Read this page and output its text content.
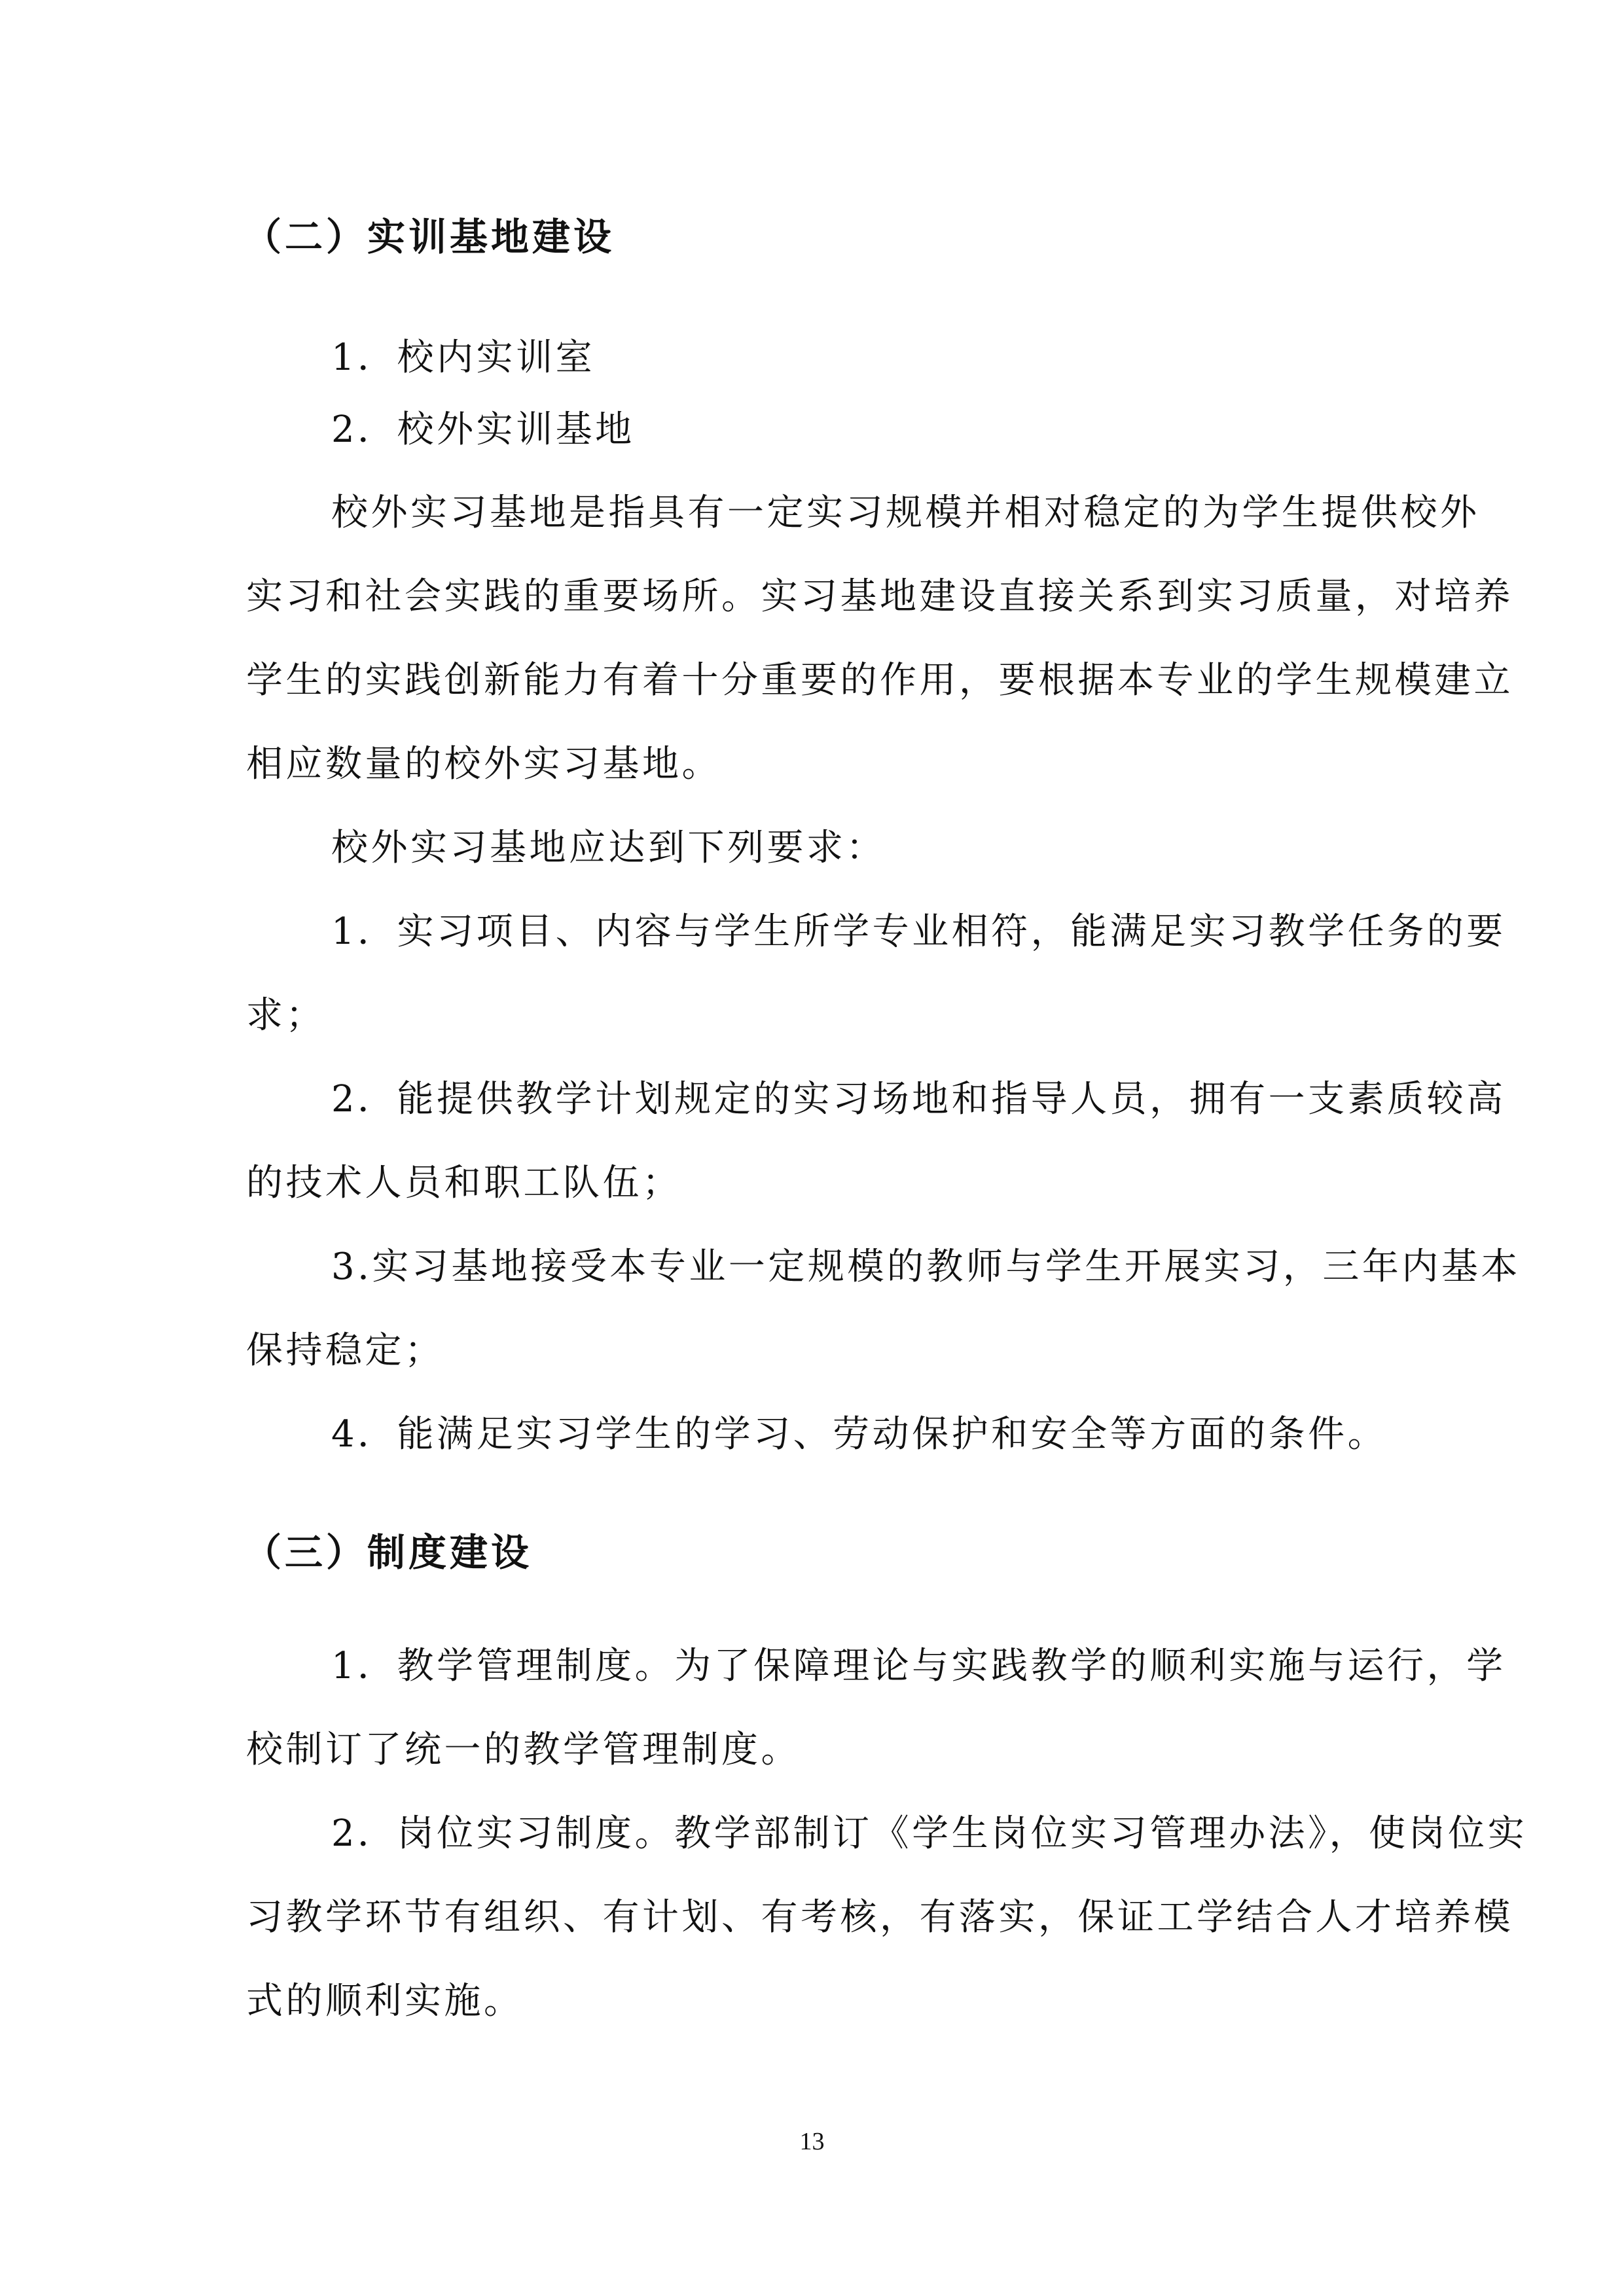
（二）实训基地建设
1．校内实训室
2．校外实训基地
校外实习基地是指具有一定实习规模并相对稳定的为学生提供校外
实习和社会实践的重要场所。实习基地建设直接关系到实习质量，对培养
学生的实践创新能力有着十分重要的作用，要根据本专业的学生规模建立
相应数量的校外实习基地。
校外实习基地应达到下列要求：
1．实习项目、内容与学生所学专业相符，能满足实习教学任务的要
求；
2．能提供教学计划规定的实习场地和指导人员，拥有一支素质较高
的技术人员和职工队伍；
3.实习基地接受本专业一定规模的教师与学生开展实习，三年内基本
保持稳定；
4．能满足实习学生的学习、劳动保护和安全等方面的条件。
（三）制度建设
1．教学管理制度。为了保障理论与实践教学的顺利实施与运行，学
校制订了统一的教学管理制度。
2．岗位实习制度。教学部制订《学生岗位实习管理办法》，使岗位实
习教学环节有组织、有计划、有考核，有落实，保证工学结合人才培养模
式的顺利实施。
13
